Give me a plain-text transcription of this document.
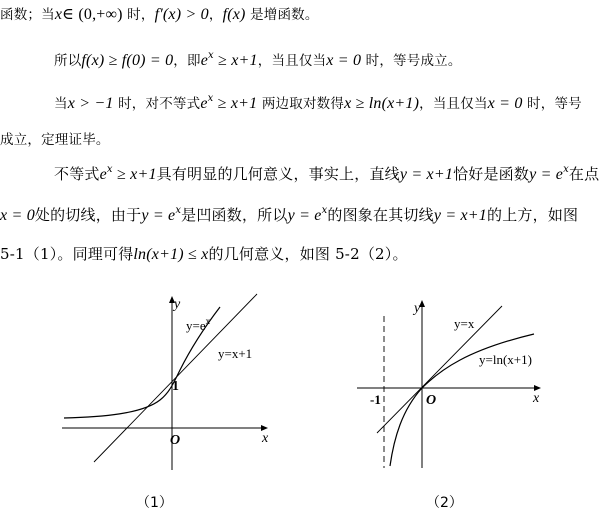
函数；当x∈ (0,+∞) 时，f′(x) > 0，f(x) 是增函数。
所以f(x) ≥ f(0) = 0，即$e^x \ge x+1$，当且仅当x = 0 时，等号成立。
当x > −1 时，对不等式$e^x \ge x+1$ 两边取对数得x ≥ ln(x+1)，当且仅当x = 0 时，等号
成立，定理证毕。
不等式$e^x \ge x+1$具有明显的几何意义，事实上，直线y = x+1恰好是函数$y = e^x$在点
x = 0处的切线，由于$y = e^x$是凹函数，所以$y = e^x$的图象在其切线y = x+1的上方，如图
5-1（1）。同理可得ln(x+1) ≤ x的几何意义，如图 5-2（2）。
y
x
O
1
$y=e^x$
y=x+1
y
x
O
-1
y=x
y=ln(x+1)
（1）	（2）
